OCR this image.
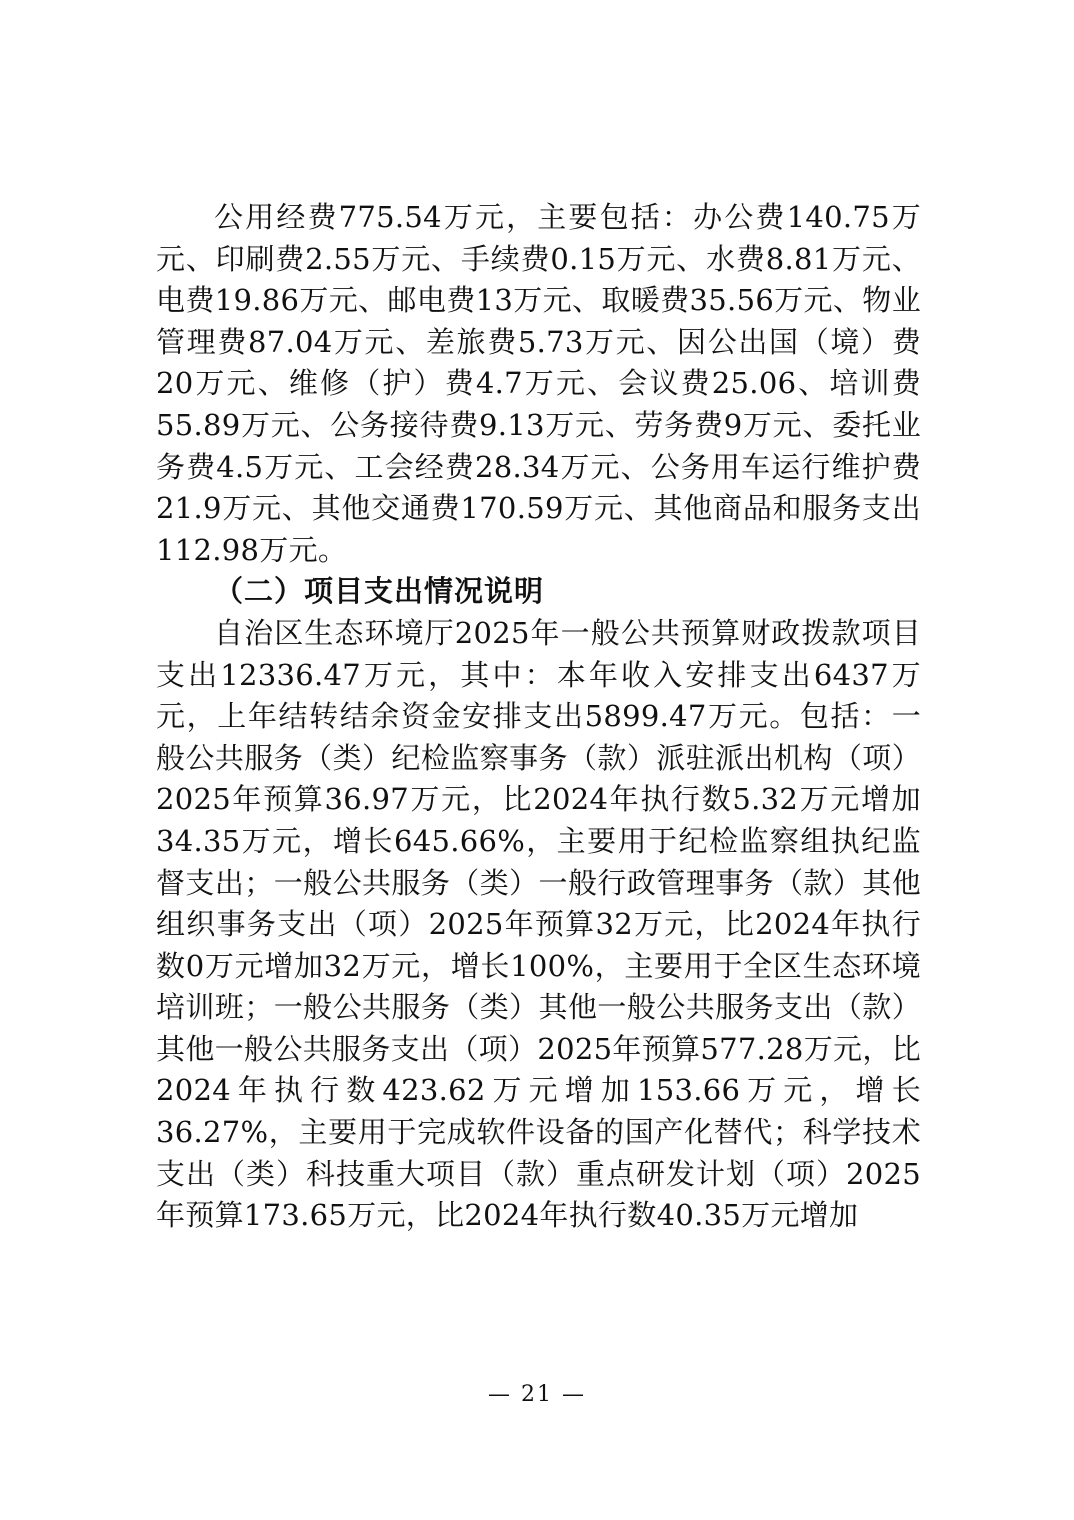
公用经费775.54万元，主要包括：办公费140.75万元、印刷费2.55万元、手续费0.15万元、水费8.81万元、电费19.86万元、邮电费13万元、取暖费35.56万元、物业管理费87.04万元、差旅费5.73万元、因公出国（境）费20万元、维修（护）费4.7万元、会议费25.06、培训费55.89万元、公务接待费9.13万元、劳务费9万元、委托业务费4.5万元、工会经费28.34万元、公务用车运行维护费21.9万元、其他交通费170.59万元、其他商品和服务支出112.98万元。

（二）项目支出情况说明

自治区生态环境厅2025年一般公共预算财政拨款项目支出12336.47万元，其中：本年收入安排支出6437万元，上年结转结余资金安排支出5899.47万元。包括：一般公共服务（类）纪检监察事务（款）派驻派出机构（项）2025年预算36.97万元，比2024年执行数5.32万元增加34.35万元，增长645.66%，主要用于纪检监察组执纪监督支出；一般公共服务（类）一般行政管理事务（款）其他组织事务支出（项）2025年预算32万元，比2024年执行数0万元增加32万元，增长100%，主要用于全区生态环境培训班；一般公共服务（类）其他一般公共服务支出（款）其他一般公共服务支出（项）2025年预算577.28万元，比2024年执行数423.62万元增加153.66万元，增长36.27%，主要用于完成软件设备的国产化替代；科学技术支出（类）科技重大项目（款）重点研发计划（项）2025年预算173.65万元，比2024年执行数40.35万元增加

— 21 —
